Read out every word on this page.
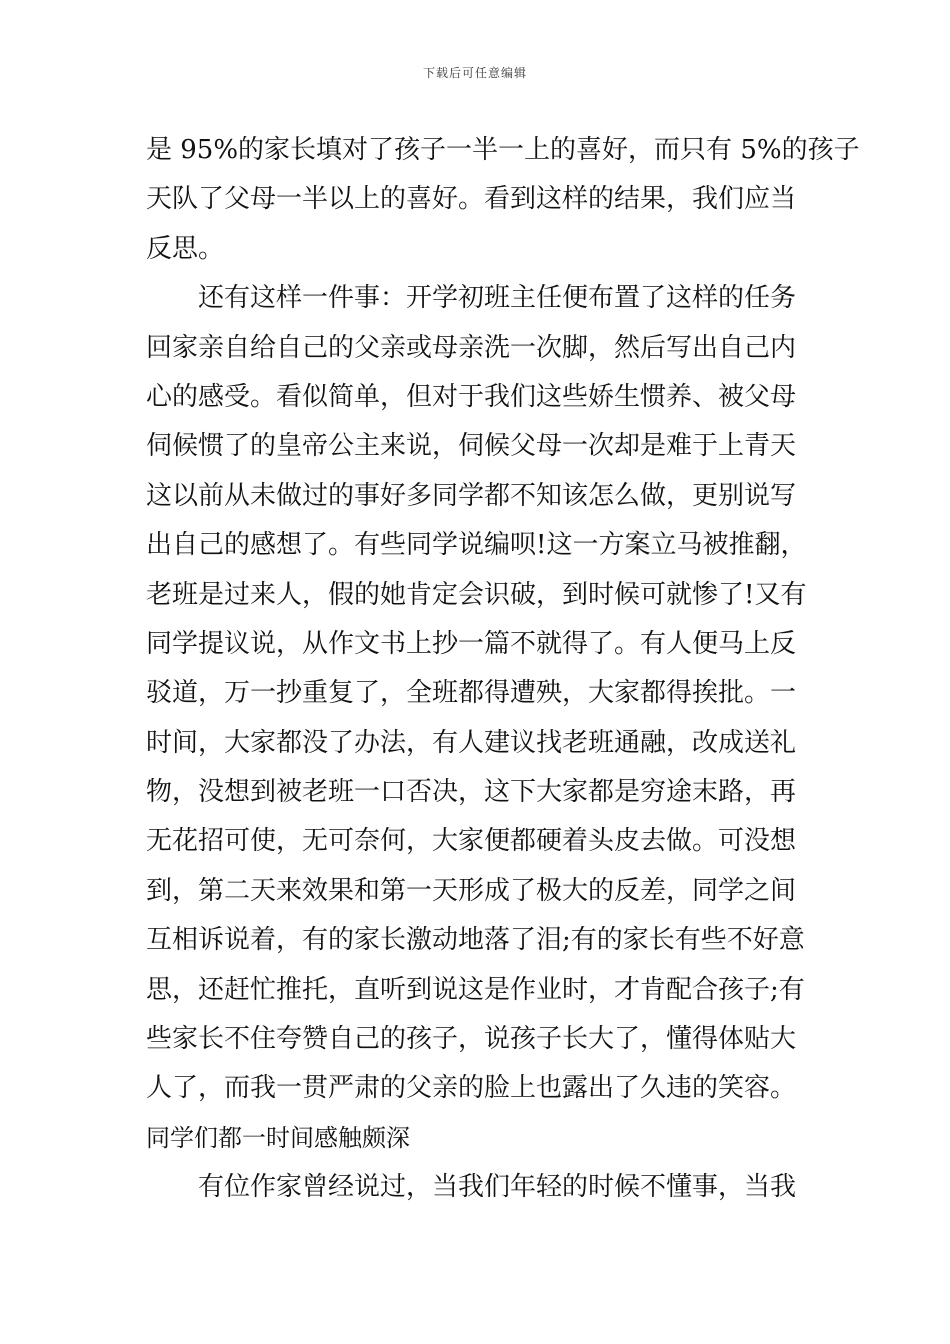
下载后可任意编辑
是 95%的家长填对了孩子一半一上的喜好，而只有 5%的孩子
天队了父母一半以上的喜好。看到这样的结果，我们应当
反思。
　　还有这样一件事：开学初班主任便布置了这样的任务
回家亲自给自己的父亲或母亲洗一次脚，然后写出自己内
心的感受。看似简单，但对于我们这些娇生惯养、被父母
伺候惯了的皇帝公主来说，伺候父母一次却是难于上青天
这以前从未做过的事好多同学都不知该怎么做，更别说写
出自己的感想了。有些同学说编呗!这一方案立马被推翻，
老班是过来人，假的她肯定会识破，到时候可就惨了!又有
同学提议说，从作文书上抄一篇不就得了。有人便马上反
驳道，万一抄重复了，全班都得遭殃，大家都得挨批。一
时间，大家都没了办法，有人建议找老班通融，改成送礼
物，没想到被老班一口否决，这下大家都是穷途末路，再
无花招可使，无可奈何，大家便都硬着头皮去做。可没想
到，第二天来效果和第一天形成了极大的反差，同学之间
互相诉说着，有的家长激动地落了泪;有的家长有些不好意
思，还赶忙推托，直听到说这是作业时，才肯配合孩子;有
些家长不住夸赞自己的孩子，说孩子长大了，懂得体贴大
人了，而我一贯严肃的父亲的脸上也露出了久违的笑容。
同学们都一时间感触颇深
　　有位作家曾经说过，当我们年轻的时候不懂事，当我
